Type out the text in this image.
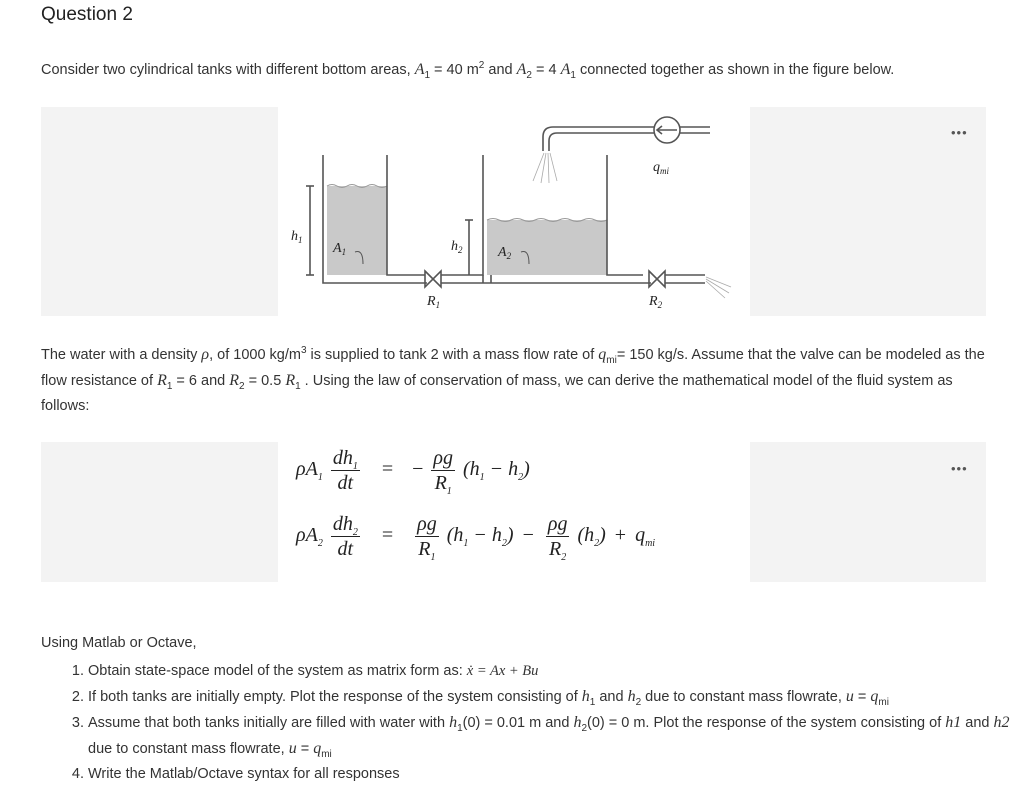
Question 2
Consider two cylindrical tanks with different bottom areas, $A_1 = 40$ $m^2$ and $A_2 = 4$ $A_1$ connected together as shown in the figure below.
•••
$h_1$
$A_1$	$h_2$	$A_2$
$R_1$	$R_2$
$q_{mi}$
The water with a density ρ, of 1000 $kg/m^3$ is supplied to tank 2 with a mass flow rate of $q_{mi}= 150$ kg/s. Assume that the valve can be modeled as the flow resistance of $R_1 = 6$ and $R_2 = 0.5$ $R_1$ . Using the law of conservation of mass, we can derive the mathematical model of the fluid system as follows:
•••
$\rho A_1 \frac{dh_1}{dt}$ = − $\frac{\rho g}{R_1} (h_1 - h_2)$
$\rho A_2 \frac{dh_2}{dt} = \frac{\rho g}{R_1} (h_1 - h_2) - \frac{\rho g}{R_2} (h_2) + q_{mi}$
Using Matlab or Octave,
1. Obtain state-space model of the system as matrix form as: ẋ = Ax + Bu
2. If both tanks are initially empty. Plot the response of the system consisting of $h_1$ and $h_2$ due to constant mass flowrate, $u = q_{mi}$
3. Assume that both tanks initially are filled with water with $h_1(0) = 0.01$ m and $h_2(0) = 0$ m. Plot the response of the system consisting of h1 and h2 due to constant mass flowrate, $u = q_{mi}$
4. Write the Matlab/Octave syntax for all responses
